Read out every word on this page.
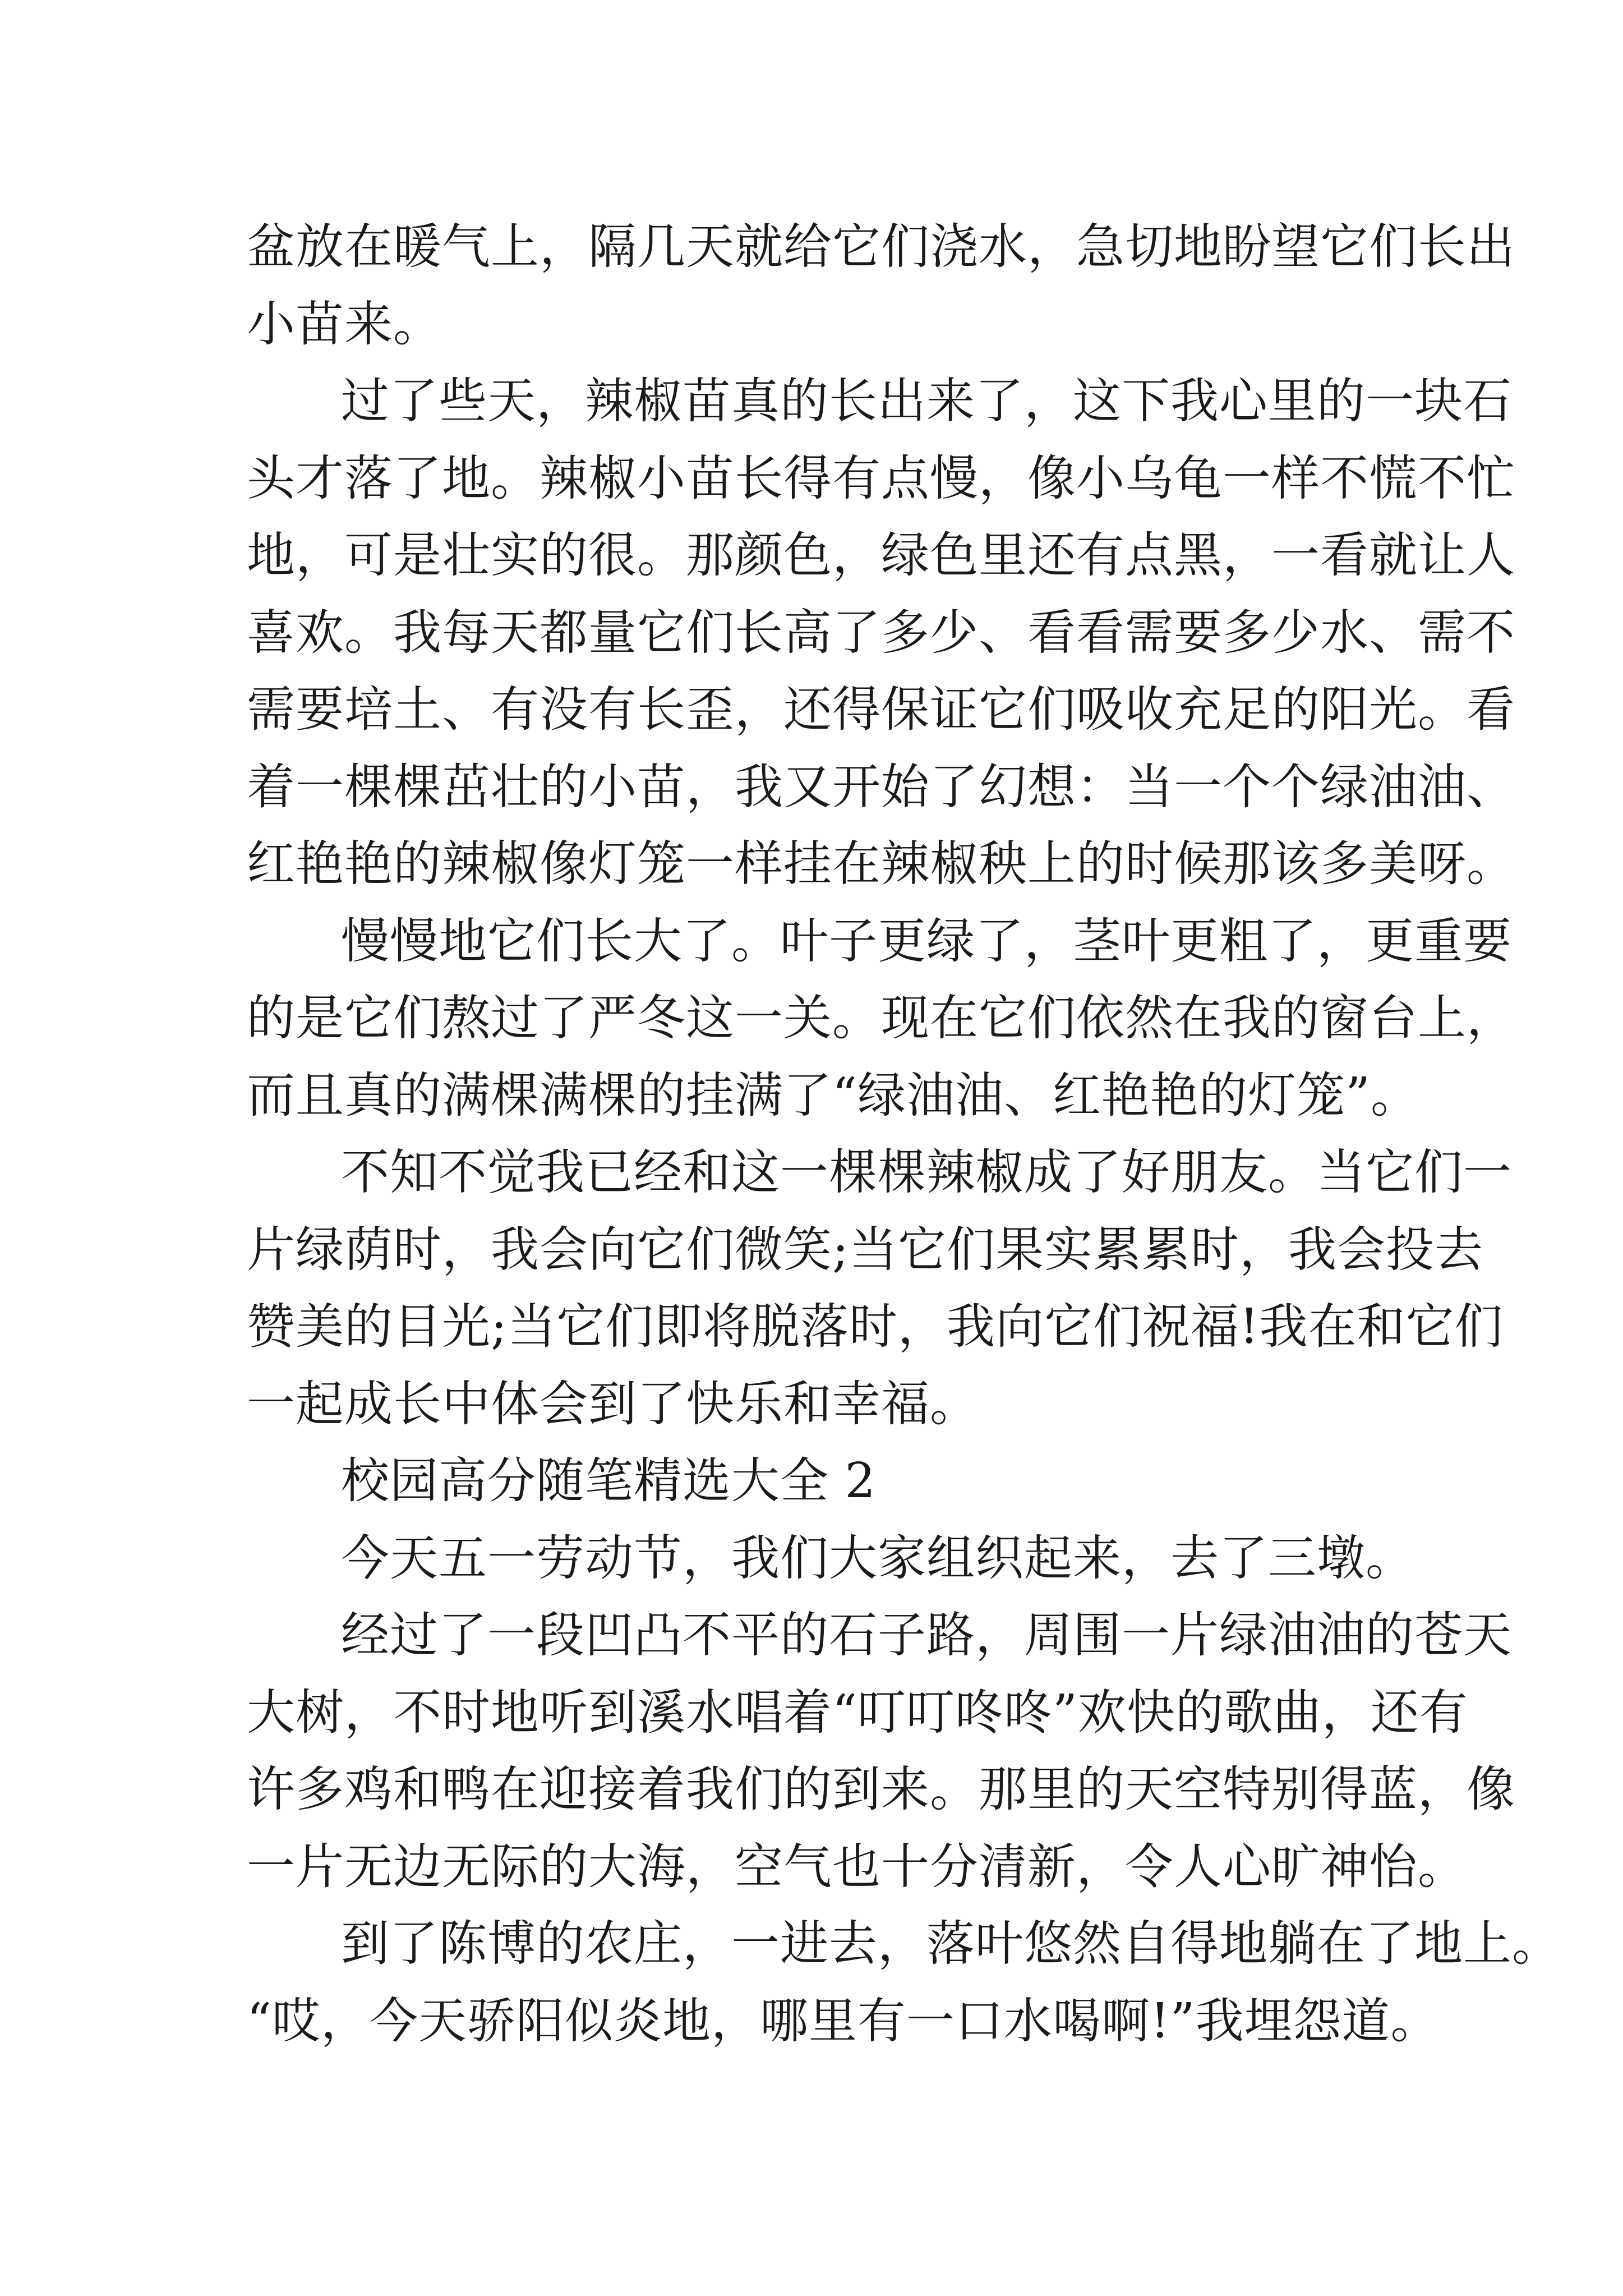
盆放在暖气上，隔几天就给它们浇水，急切地盼望它们长出
小苗来。
过了些天，辣椒苗真的长出来了，这下我心里的一块石
头才落了地。辣椒小苗长得有点慢，像小乌龟一样不慌不忙
地，可是壮实的很。那颜色，绿色里还有点黑，一看就让人
喜欢。我每天都量它们长高了多少、看看需要多少水、需不
需要培土、有没有长歪，还得保证它们吸收充足的阳光。看
着一棵棵茁壮的小苗，我又开始了幻想：当一个个绿油油、
红艳艳的辣椒像灯笼一样挂在辣椒秧上的时候那该多美呀。
慢慢地它们长大了。叶子更绿了，茎叶更粗了，更重要
的是它们熬过了严冬这一关。现在它们依然在我的窗台上，
而且真的满棵满棵的挂满了“绿油油、红艳艳的灯笼”。
不知不觉我已经和这一棵棵辣椒成了好朋友。当它们一
片绿荫时，我会向它们微笑;当它们果实累累时，我会投去
赞美的目光;当它们即将脱落时，我向它们祝福!我在和它们
一起成长中体会到了快乐和幸福。
校园高分随笔精选大全 2
今天五一劳动节，我们大家组织起来，去了三墩。
经过了一段凹凸不平的石子路，周围一片绿油油的苍天
大树，不时地听到溪水唱着“叮叮咚咚”欢快的歌曲，还有
许多鸡和鸭在迎接着我们的到来。那里的天空特别得蓝，像
一片无边无际的大海，空气也十分清新，令人心旷神怡。
到了陈博的农庄，一进去，落叶悠然自得地躺在了地上。
“哎，今天骄阳似炎地，哪里有一口水喝啊!”我埋怨道。
